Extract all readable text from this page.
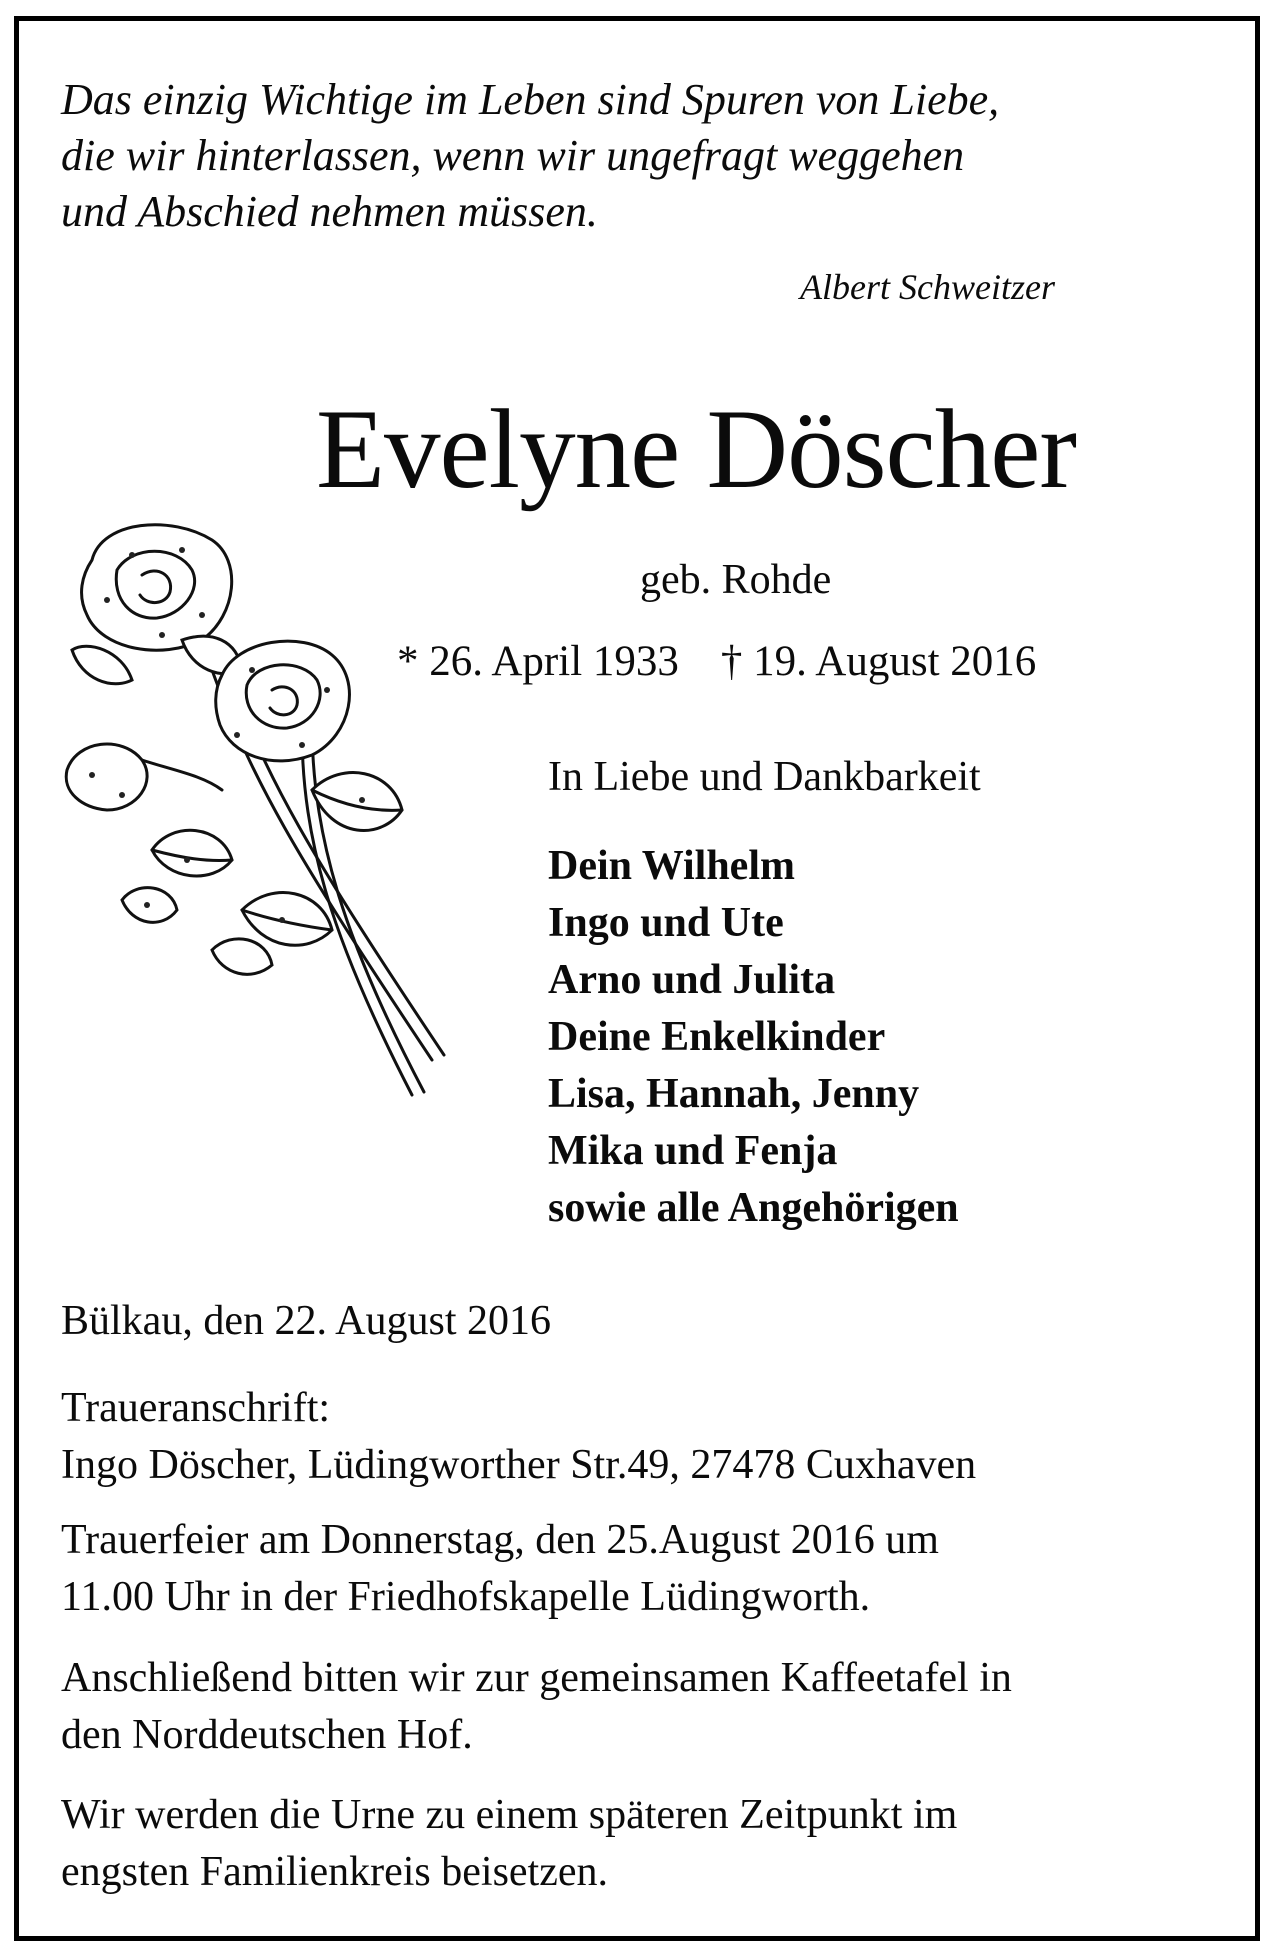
Das einzig Wichtige im Leben sind Spuren von Liebe,
die wir hinterlassen, wenn wir ungefragt weggehen
und Abschied nehmen müssen.
Albert Schweitzer
Evelyne Döscher
geb. Rohde
* 26. April 1933 † 19. August 2016
In Liebe und Dankbarkeit
Dein Wilhelm
Ingo und Ute
Arno und Julita
Deine Enkelkinder
Lisa, Hannah, Jenny
Mika und Fenja
sowie alle Angehörigen
Bülkau, den 22. August 2016
Traueranschrift:
Ingo Döscher, Lüdingworther Str.49, 27478 Cuxhaven
Trauerfeier am Donnerstag, den 25.August 2016 um
11.00 Uhr in der Friedhofskapelle Lüdingworth.
Anschließend bitten wir zur gemeinsamen Kaffeetafel in
den Norddeutschen Hof.
Wir werden die Urne zu einem späteren Zeitpunkt im
engsten Familienkreis beisetzen.
